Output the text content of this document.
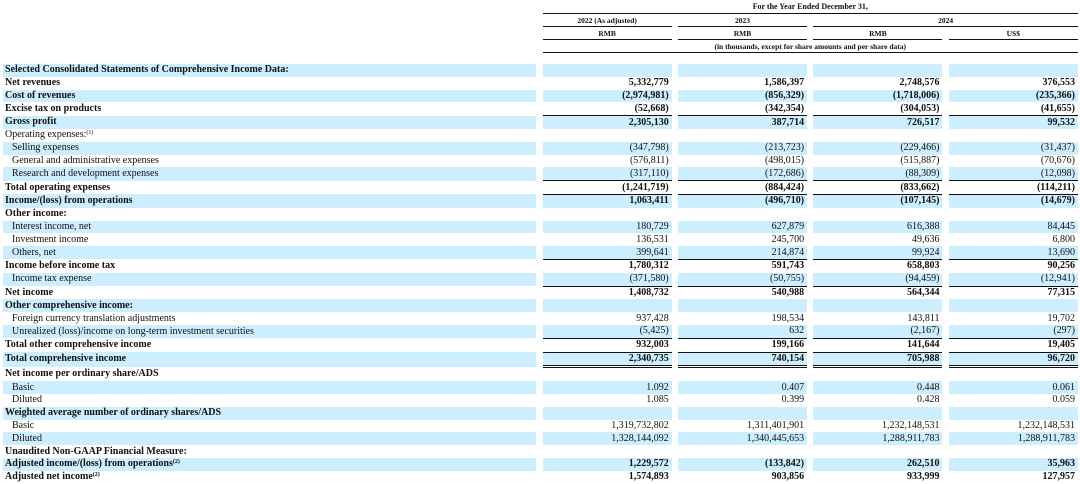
		For the Year Ended December 31,						
		2022 (As adjusted)		2023		2024		
		RMB		RMB		RMB		US$
		(in thousands, except for share amounts and per share data)						

Selected Consolidated Statements of Comprehensive Income Data:								
Net revenues		5,332,779		1,586,397		2,748,576		376,553
Cost of revenues		(2,974,981)		(856,329)		(1,718,006)		(235,366)
Excise tax on products		(52,668)		(342,354)		(304,053)		(41,655)
Gross profit		2,305,130		387,714		726,517		99,532
Operating expenses:$^{(1)}$								
Selling expenses		(347,798)		(213,723)		(229,466)		(31,437)
General and administrative expenses		(576,811)		(498,015)		(515,887)		(70,676)
Research and development expenses		(317,110)		(172,686)		(88,309)		(12,098)
Total operating expenses		(1,241,719)		(884,424)		(833,662)		(114,211)
Income/(loss) from operations		1,063,411		(496,710)		(107,145)		(14,679)
Other income:								
Interest income, net		180,729		627,879		616,388		84,445
Investment income		136,531		245,700		49,636		6,800
Others, net		399,641		214,874		99,924		13,690
Income before income tax		1,780,312		591,743		658,803		90,256
Income tax expense		(371,580)		(50,755)		(94,459)		(12,941)
Net income		1,408,732		540,988		564,344		77,315
Other comprehensive income:								
Foreign currency translation adjustments		937,428		198,534		143,811		19,702
Unrealized (loss)/income on long-term investment securities		(5,425)		632		(2,167)		(297)
Total other comprehensive income		932,003		199,166		141,644		19,405
Total comprehensive income		2,340,735		740,154		705,988		96,720
Net income per ordinary share/ADS								
Basic		1.092		0.407		0.448		0.061
Diluted		1.085		0.399		0.428		0.059
Weighted average number of ordinary shares/ADS								
Basic		1,319,732,802		1,311,401,901		1,232,148,531		1,232,148,531
Diluted		1,328,144,092		1,340,445,653		1,288,911,783		1,288,911,783
Unaudited Non-GAAP Financial Measure:								
Adjusted income/(loss) from operations$^{(2)}$		1,229,572		(133,842)		262,510		35,963
Adjusted net income$^{(2)}$		1,574,893		903,856		933,999		127,957
